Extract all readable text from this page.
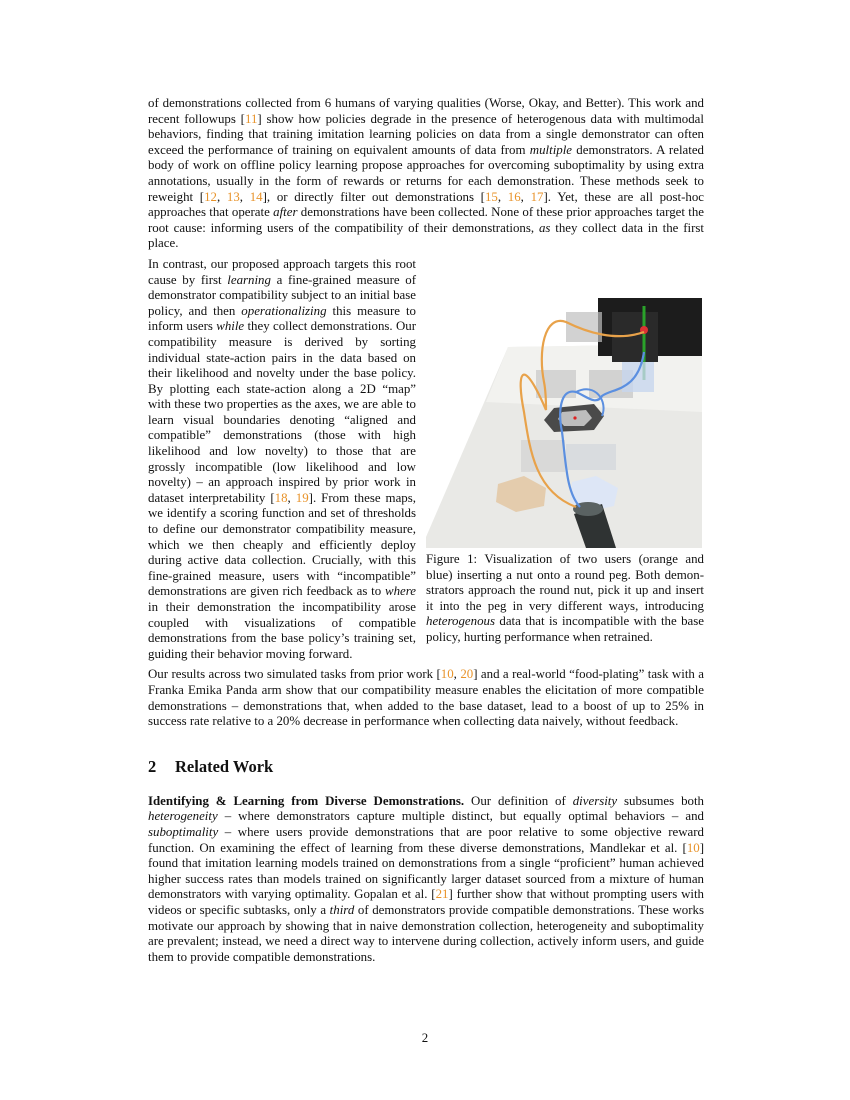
of demonstrations collected from 6 humans of varying qualities (Worse, Okay, and Better). This work and recent followups [11] show how policies degrade in the presence of heterogenous data with multimodal behaviors, finding that training imitation learning policies on data from a single demonstrator can often exceed the performance of training on equivalent amounts of data from multiple demonstrators. A related body of work on offline policy learning propose approaches for overcoming suboptimality by using extra annotations, usually in the form of rewards or returns for each demonstration. These methods seek to reweight [12, 13, 14], or directly filter out demonstrations [15, 16, 17]. Yet, these are all post-hoc approaches that operate after demonstrations have been collected. None of these prior approaches target the root cause: informing users of the compatibility of their demonstrations, as they collect data in the first place.

Figure 1: Visualization of two users (orange and blue) inserting a nut onto a round peg. Both demonstrators approach the round nut, pick it up and insert it into the peg in very different ways, introducing heterogenous data that is incompatible with the base policy, hurting performance when retrained.

In contrast, our proposed approach targets this root cause by first learning a fine-grained measure of demonstrator compatibility subject to an initial base policy, and then operationalizing this measure to inform users while they collect demonstrations. Our compatibility measure is derived by sorting individual state-action pairs in the data based on their likelihood and novelty under the base policy. By plotting each state-action along a 2D “map” with these two properties as the axes, we are able to learn visual boundaries denoting “aligned and compatible” demonstrations (those with high likelihood and low novelty) to those that are grossly incompatible (low likelihood and low novelty) – an approach inspired by prior work in dataset interpretability [18, 19]. From these maps, we identify a scoring function and set of thresholds to define our demonstrator compatibility measure, which we then cheaply and efficiently deploy during active data collection. Crucially, with this fine-grained measure, users with “incompatible” demonstrations are given rich feedback as to where in their demonstration the incompatibility arose coupled with visualizations of compatible demonstrations from the base policy’s training set, guiding their behavior moving forward.

Our results across two simulated tasks from prior work [10, 20] and a real-world “food-plating” task with a Franka Emika Panda arm show that our compatibility measure enables the elicitation of more compatible demonstrations – demonstrations that, when added to the base dataset, lead to a boost of up to 25% in success rate relative to a 20% decrease in performance when collecting data naively, without feedback.

2 Related Work

Identifying & Learning from Diverse Demonstrations. Our definition of diversity subsumes both heterogeneity – where demonstrators capture multiple distinct, but equally optimal behaviors – and suboptimality – where users provide demonstrations that are poor relative to some objective reward function. On examining the effect of learning from these diverse demonstrations, Mandlekar et al. [10] found that imitation learning models trained on demonstrations from a single “proficient” human achieved higher success rates than models trained on significantly larger dataset sourced from a mixture of human demonstrators with varying optimality. Gopalan et al. [21] further show that without prompting users with videos or specific subtasks, only a third of demonstrators provide compatible demonstrations. These works motivate our approach by showing that in naive demonstration collection, heterogeneity and suboptimality are prevalent; instead, we need a direct way to intervene during collection, actively inform users, and guide them to provide compatible demonstrations.

2
